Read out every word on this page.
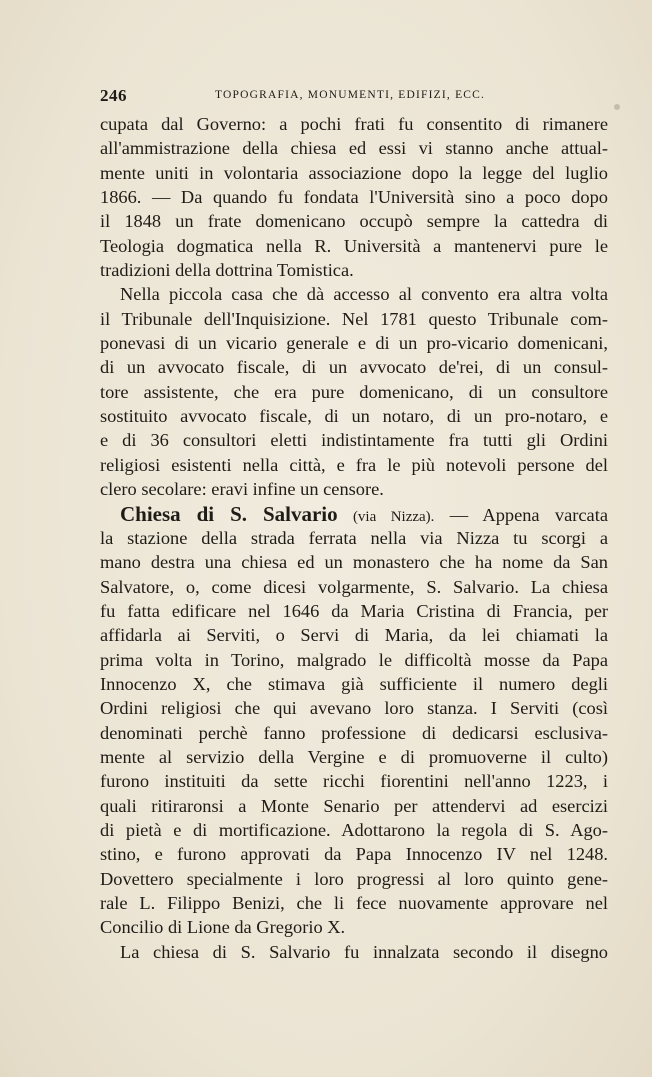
246	TOPOGRAFIA, MONUMENTI, EDIFIZI, ECC.
cupata dal Governo: a pochi frati fu consentito di rimanere
all'ammistrazione della chiesa ed essi vi stanno anche attual-
mente uniti in volontaria associazione dopo la legge del luglio
1866. — Da quando fu fondata l'Università sino a poco dopo
il 1848 un frate domenicano occupò sempre la cattedra di
Teologia dogmatica nella R. Università a mantenervi pure le
tradizioni della dottrina Tomistica.
Nella piccola casa che dà accesso al convento era altra volta
il Tribunale dell'Inquisizione. Nel 1781 questo Tribunale com-
ponevasi di un vicario generale e di un pro-vicario domenicani,
di un avvocato fiscale, di un avvocato de'rei, di un consul-
tore assistente, che era pure domenicano, di un consultore
sostituito avvocato fiscale, di un notaro, di un pro-notaro, e
e di 36 consultori eletti indistintamente fra tutti gli Ordini
religiosi esistenti nella città, e fra le più notevoli persone del
clero secolare: eravi infine un censore.
Chiesa di S. Salvario (via Nizza). — Appena varcata
la stazione della strada ferrata nella via Nizza tu scorgi a
mano destra una chiesa ed un monastero che ha nome da San
Salvatore, o, come dicesi volgarmente, S. Salvario. La chiesa
fu fatta edificare nel 1646 da Maria Cristina di Francia, per
affidarla ai Serviti, o Servi di Maria, da lei chiamati la
prima volta in Torino, malgrado le difficoltà mosse da Papa
Innocenzo X, che stimava già sufficiente il numero degli
Ordini religiosi che qui avevano loro stanza. I Serviti (così
denominati perchè fanno professione di dedicarsi esclusiva-
mente al servizio della Vergine e di promuoverne il culto)
furono instituiti da sette ricchi fiorentini nell'anno 1223, i
quali ritiraronsi a Monte Senario per attendervi ad esercizi
di pietà e di mortificazione. Adottarono la regola di S. Ago-
stino, e furono approvati da Papa Innocenzo IV nel 1248.
Dovettero specialmente i loro progressi al loro quinto gene-
rale L. Filippo Benizi, che li fece nuovamente approvare nel
Concilio di Lione da Gregorio X.
La chiesa di S. Salvario fu innalzata secondo il disegno
